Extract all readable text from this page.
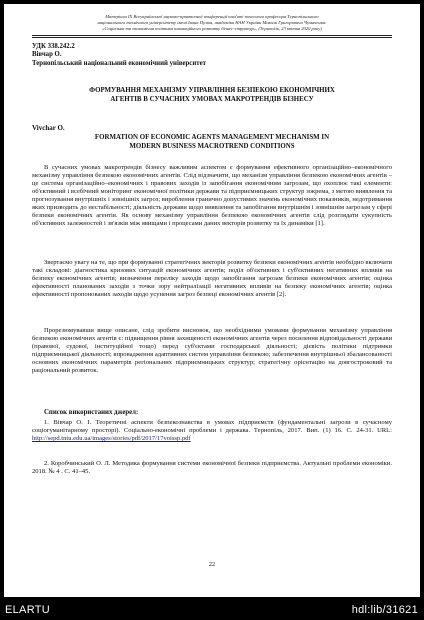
Матеріали IX Всеукраїнської науково-практичної конференції пам'яті почесного професора Тернопільського
національного технічного університету імені Івана Пулюя, академіка НАН України Миколи Григоровича Чумаченка:
«Соціальна та економічна політика інноваційного розвитку бізнес-структур», (Тернопіль, 23 квітня 2020 року)
УДК 338.242.2
Вівчар О.
Тернопільський національний економічний університет
ФОРМУВАННЯ МЕХАНІЗМУ УПРАВЛІННЯ БЕЗПЕКОЮ ЕКОНОМІЧНИХ
АГЕНТІВ В СУЧАСНИХ УМОВАХ МАКРОТРЕНДІВ БІЗНЕСУ
Vivchar O.
FORMATION OF ECONOMIC AGENTS MANAGEMENT MECHANISM IN
MODERN BUSINESS MACROTREND CONDITIONS
В сучасних умовах макротрендів бізнесу важливим аспектом є формування ефективного організаційно–економічного механізму управління безпекою економічних агентів. Слід відзначити, що механізм управління безпекою економічних агентів – це система організаційно–економічних і правових заходів із запобігання економічним загрозам, що охоплює такі елементи: об'єктивний і всебічний моніторинг економічної політики держави та підприємницьких структур зокрема, з метою виявлення та прогнозування внутрішніх і зовнішніх загроз; вироблення гранично допустимих значень економічних показників, недотримання яких призводить до нестабільності; діяльність держави щодо виявлення та запобігання внутрішнім і зовнішнім загрозам у сфері безпеки економічних агентів. Як основу механізму управління безпекою економічних агентів слід розглядати сукупність об'єктивних залежностей і зв'язків між явищами і процесами даних векторів розвитку та їх динаміки [1].
Звертаємо увагу на те, що при формуванні стратегічних векторів розвитку безпеки економічних агентів необхідно включати такі складові: діагностика кризових ситуацій економічних агентів; поділ об'єктивних і суб'єктивних негативних впливів на безпеку економічних агентів; визначення переліку заходів щодо запобігання загрозам безпеки економічних агентів; оцінка ефективності планованих заходів з точки зору нейтралізації негативних впливів на безпеку економічних агентів; оцінка ефективності пропонованих заходів щодо усунення загроз безпеці економічних агентів [2].
Прорезюмувавши вище описане, слід зробити висновок, що необхідними умовами формування механізму управління безпекою економічних агентів є: підвищення рівня захищеності економічних агентів через посилення відповідальності держави (правової, судової, інституційної тощо) перед суб'єктами господарської діяльності; дієвість політики підтримки підприємницької діяльності; впровадження адаптивних систем управління безпекою; забезпечення внутрішньої збалансованості основних економічних параметрів регіональних підприємницьких структур; стратегічну орієнтацію на довгостроковий та раціональний розвиток.
Список використаних джерел:
1. Вівчар О. І. Теоретичні аспекти безпекознавства в умовах підприємств (фундаментальні загрози в сучасному соціогуманітарному просторі). Соціально-економічні проблеми і держава. Тернопіль, 2017. Вип. (1) 16. С. 24-31. URL: http://sepd.tntu.edu.ua/images/stories/pdf/2017/17voissp.pdf
2. Коробчинський О. Л. Методика формування системи економічної безпеки підприємства. Актуальні проблеми економіки. 2018. № 4 . С. 41–45.
22
ELARTU	hdl:lib/31621
